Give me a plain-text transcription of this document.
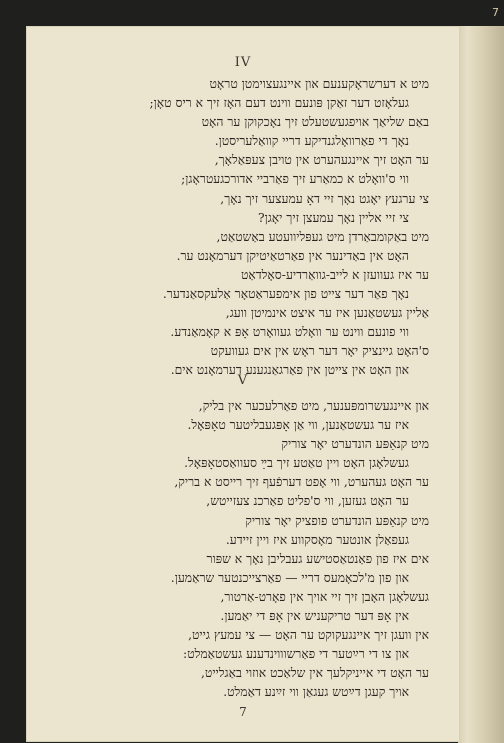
7
IV
מיט א דערשראָקענעם און איינגעצוימטן טראָט
געלאָזט דער זאַקן פּונעם ווינט דעם האָז זיך א ריס טאָן;
באַם שליאַך אויפגעשטעלט זיך נאָכקוקן ער האָט
נאָך די פאַרוואָלגנדיקע דריי קוואַלעריסטן.
ער האָט זיך איינגעהערט אין טויבן צעפּאַלאָך,
ווי ס'וואָלט א כמאַרע זיך פאַרביי אדורכגעטראָגן;
צי ערגעץ יאָגט נאָך זיי דאָ עמעצער זיך נאָך,
צי זיי אליין נאָך עמעצן זיך יאָגן?
מיט באַקומבאַרדן מיט געפּליוועטע באַשטאַט,
האָט אין באַדינער אין פאַרטאַיטיקן דערמאָנט ער.
ער איז געוועזן א לייב-גוואַרדיע-סאָלדאַט
נאָך פאַר דער צייט פון אימפעראַטאָר אַלעקסאַנדער.
אַליין געשטאַנען איז ער איצט אינמיטן וועג,
ווי פונעם ווינט ער וואָלט געוואָרט אָפּ א קאָמאַנדע.
ס'האָט גיינציק יאָר דער ראָש אין אים געוועקט
און האָט אין צייטן אין פאַרגאַנגענע דערמאָנט אים.
V
און איינגעשרומפּענער, מיט פאַרלעכער אין בליק,
איז ער געשטאַנען, ווי אַן אָפּגעבליטער טאָפּאָל.
מיט קנאַפּע הונדערט יאָר צוריק
געשלאָגן האָט ויין טאַטע זיך בײַ סעוואַסטאָפּאָל.
ער האָט געהערט, ווי אָפט דערפֿעף זיך רייסט א בריק,
ער האָט געזען, ווי ס'פליט פאַרכנ צעזייטש,
מיט קנאַפּע הונדערט פופציק יאָר צוריק
געפאַלן אונטער מאָסקווע איז ויין זיידע.
אים איז פון פאַנטאַסטישע געבליבן נאָך א שפּור
און פון מ'לכאָמעס דריי — פאַרצייכנטער שראַמען.
געשלאָגן האָבן זיך זיי אויך אין פאָרט-אַרטור,
אין אָפּ דער טריקעניש אין אָפּ די יאַמען.
אין וועגן זיך איינגעקוקט ער האָט — צי עמעץ גייט,
און צו די רײַטער די פאַרשוווינדענע געשטאַמלט:
ער האָט די אייניקלעך אין שלאַכט אוזוי באַגלייט,
אויך קעגן דײַטש געגאַן ווי זײַנע דאַמלט.
7
